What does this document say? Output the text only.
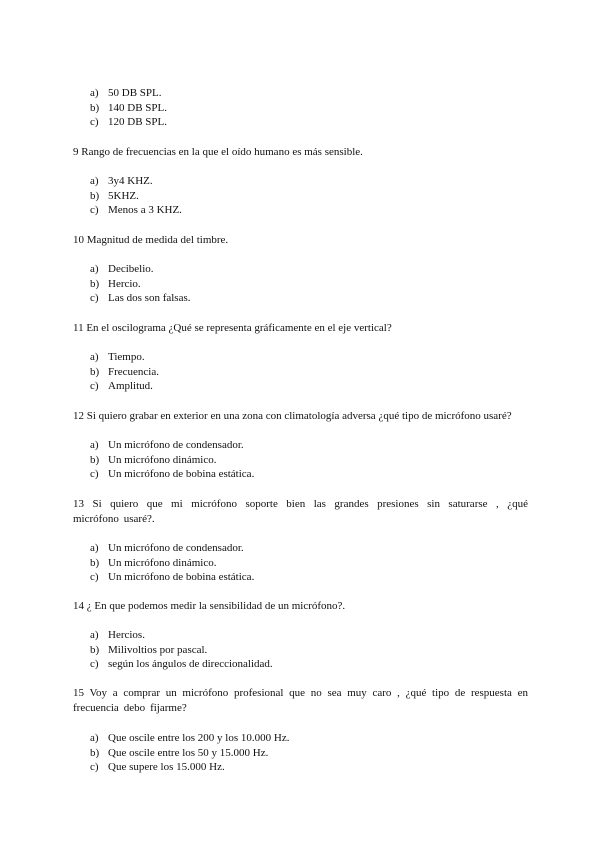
a) 50 DB SPL.
b) 140 DB SPL.
c) 120 DB SPL.

9 Rango de frecuencias en la que el oído humano es más sensible.

a) 3y4 KHZ.
b) 5KHZ.
c) Menos a 3 KHZ.

10 Magnitud de medida del timbre.

a) Decibelio.
b) Hercio.
c) Las dos son falsas.

11 En el oscilograma ¿Qué se representa gráficamente en el eje vertical?

a) Tiempo.
b) Frecuencia.
c) Amplitud.

12 Si quiero grabar en exterior en una zona con climatología adversa ¿qué tipo de micrófono usaré?

a) Un micrófono de condensador.
b) Un micrófono dinámico.
c) Un micrófono de bobina estática.

13 Si quiero que mi micrófono soporte bien las grandes presiones sin saturarse , ¿qué micrófono usaré?.

a) Un micrófono de condensador.
b) Un micrófono dinámico.
c) Un micrófono de bobina estática.

14 ¿ En que podemos medir la sensibilidad de un micrófono?.

a) Hercios.
b) Milivoltios por pascal.
c) según los ángulos de direccionalidad.

15 Voy a comprar un micrófono profesional que no sea muy caro , ¿qué tipo de respuesta en frecuencia debo fijarme?

a) Que oscile entre los 200 y los 10.000 Hz.
b) Que oscile entre los 50 y 15.000 Hz.
c) Que supere los 15.000 Hz.
